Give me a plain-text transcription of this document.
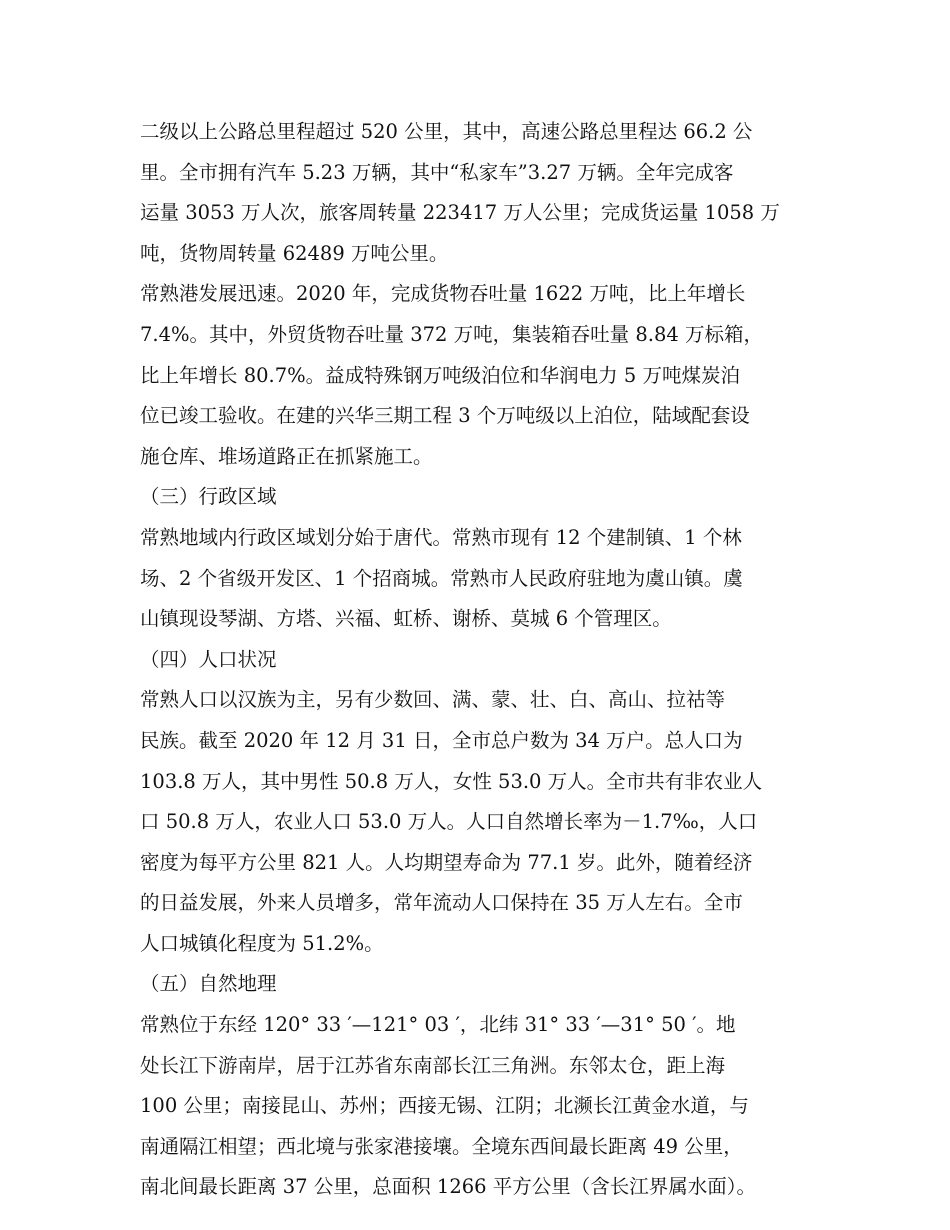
二级以上公路总里程超过 520 公里，其中，高速公路总里程达 66.2 公
里。全市拥有汽车 5.23 万辆，其中“私家车”3.27 万辆。全年完成客
运量 3053 万人次，旅客周转量 223417 万人公里；完成货运量 1058 万
吨，货物周转量 62489 万吨公里。
常熟港发展迅速。2020 年，完成货物吞吐量 1622 万吨，比上年增长
7.4%。其中，外贸货物吞吐量 372 万吨，集装箱吞吐量 8.84 万标箱，
比上年增长 80.7%。益成特殊钢万吨级泊位和华润电力 5 万吨煤炭泊
位已竣工验收。在建的兴华三期工程 3 个万吨级以上泊位，陆域配套设
施仓库、堆场道路正在抓紧施工。
（三）行政区域
常熟地域内行政区域划分始于唐代。常熟市现有 12 个建制镇、1 个林
场、2 个省级开发区、1 个招商城。常熟市人民政府驻地为虞山镇。虞
山镇现设琴湖、方塔、兴福、虹桥、谢桥、莫城 6 个管理区。
（四）人口状况
常熟人口以汉族为主，另有少数回、满、蒙、壮、白、高山、拉祜等
民族。截至 2020 年 12 月 31 日，全市总户数为 34 万户。总人口为
103.8 万人，其中男性 50.8 万人，女性 53.0 万人。全市共有非农业人
口 50.8 万人，农业人口 53.0 万人。人口自然增长率为－1.7‰，人口
密度为每平方公里 821 人。人均期望寿命为 77.1 岁。此外，随着经济
的日益发展，外来人员增多，常年流动人口保持在 35 万人左右。全市
人口城镇化程度为 51.2%。
（五）自然地理
常熟位于东经 120° 33 ′—121° 03 ′，北纬 31° 33 ′—31° 50 ′。地
处长江下游南岸，居于江苏省东南部长江三角洲。东邻太仓，距上海
100 公里；南接昆山、苏州；西接无锡、江阴；北濒长江黄金水道，与
南通隔江相望；西北境与张家港接壤。全境东西间最长距离 49 公里，
南北间最长距离 37 公里，总面积 1266 平方公里（含长江界属水面）。
